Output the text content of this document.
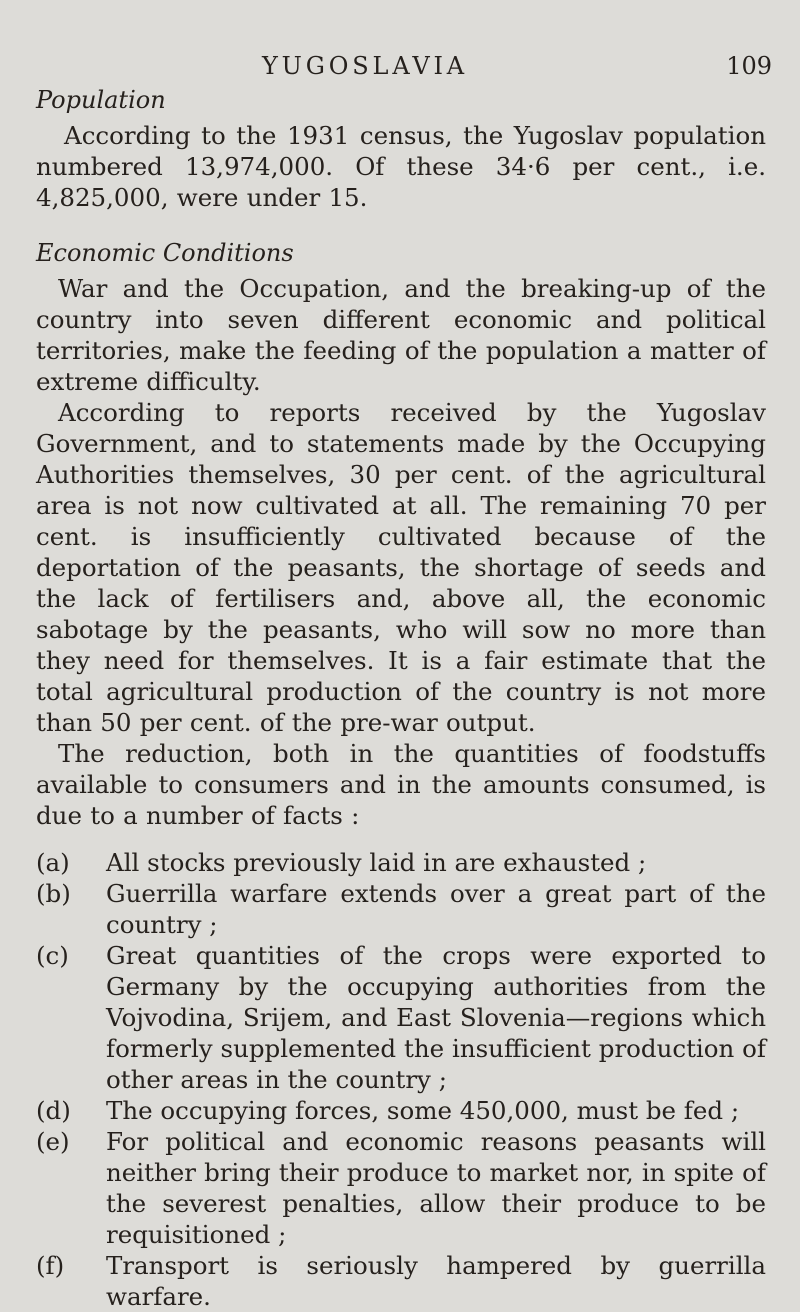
YUGOSLAVIA	109
Population

According to the 1931 census, the Yugoslav population numbered 13,974,000. Of these 34·6 per cent., i.e. 4,825,000, were under 15.

Economic Conditions

War and the Occupation, and the breaking-up of the country into seven different economic and political territories, make the feeding of the population a matter of extreme difficulty.

According to reports received by the Yugoslav Government, and to statements made by the Occupying Authorities themselves, 30 per cent. of the agricultural area is not now cultivated at all. The remaining 70 per cent. is insufficiently cultivated because of the deportation of the peasants, the shortage of seeds and the lack of fertilisers and, above all, the economic sabotage by the peasants, who will sow no more than they need for themselves. It is a fair estimate that the total agricultural production of the country is not more than 50 per cent. of the pre-war output.

The reduction, both in the quantities of foodstuffs available to consumers and in the amounts consumed, is due to a number of facts :

(a) All stocks previously laid in are exhausted ;
(b) Guerrilla warfare extends over a great part of the country ;
(c) Great quantities of the crops were exported to Germany by the occupying authorities from the Vojvodina, Srijem, and East Slovenia—regions which formerly supplemented the insufficient production of other areas in the country ;
(d) The occupying forces, some 450,000, must be fed ;
(e) For political and economic reasons peasants will neither bring their produce to market nor, in spite of the severest penalties, allow their produce to be requisitioned ;
(f) Transport is seriously hampered by guerrilla warfare.
